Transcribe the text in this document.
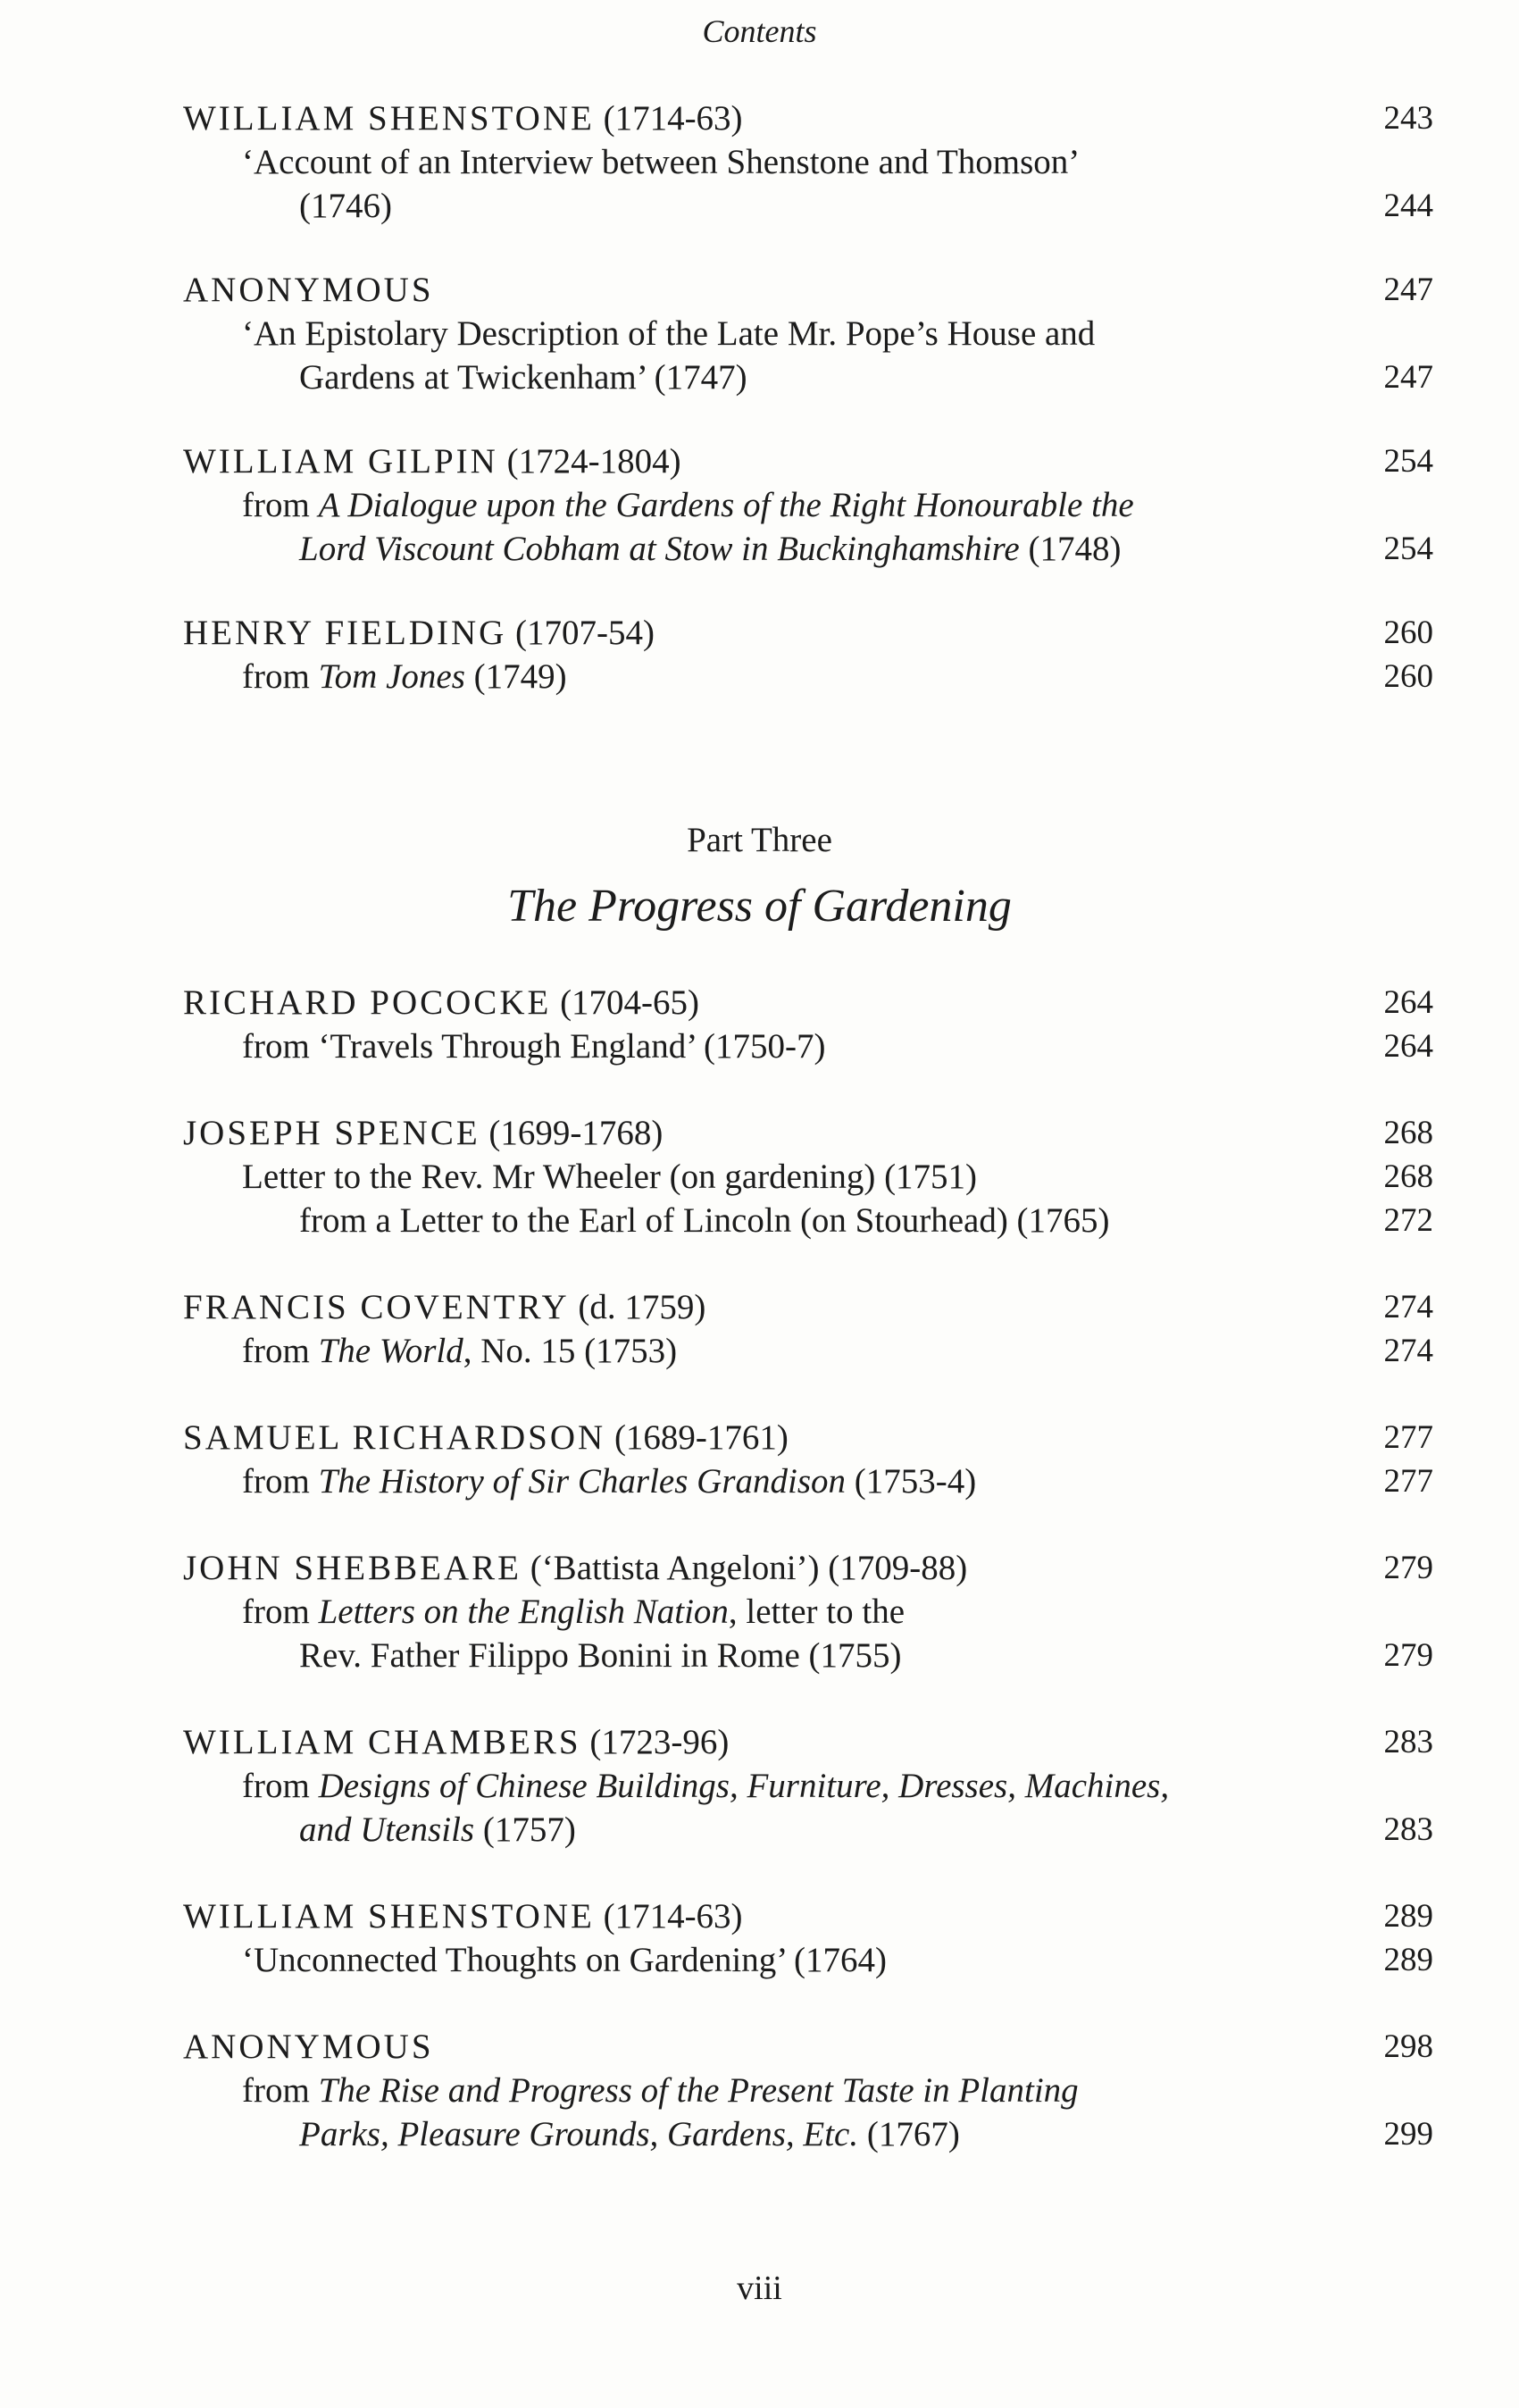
Contents
WILLIAM SHENSTONE (1714-63)	243
‘Account of an Interview between Shenstone and Thomson’
(1746)	244
ANONYMOUS	247
‘An Epistolary Description of the Late Mr. Pope’s House and
Gardens at Twickenham’ (1747)	247
WILLIAM GILPIN (1724-1804)	254
from A Dialogue upon the Gardens of the Right Honourable the
Lord Viscount Cobham at Stow in Buckinghamshire (1748)	254
HENRY FIELDING (1707-54)	260
from Tom Jones (1749)	260
Part Three
The Progress of Gardening
RICHARD POCOCKE (1704-65)	264
from ‘Travels Through England’ (1750-7)	264
JOSEPH SPENCE (1699-1768)	268
Letter to the Rev. Mr Wheeler (on gardening) (1751)	268
from a Letter to the Earl of Lincoln (on Stourhead) (1765)	272
FRANCIS COVENTRY (d. 1759)	274
from The World, No. 15 (1753)	274
SAMUEL RICHARDSON (1689-1761)	277
from The History of Sir Charles Grandison (1753-4)	277
JOHN SHEBBEARE (‘Battista Angeloni’) (1709-88)	279
from Letters on the English Nation, letter to the
Rev. Father Filippo Bonini in Rome (1755)	279
WILLIAM CHAMBERS (1723-96)	283
from Designs of Chinese Buildings, Furniture, Dresses, Machines,
and Utensils (1757)	283
WILLIAM SHENSTONE (1714-63)	289
‘Unconnected Thoughts on Gardening’ (1764)	289
ANONYMOUS	298
from The Rise and Progress of the Present Taste in Planting
Parks, Pleasure Grounds, Gardens, Etc. (1767)	299
viii
